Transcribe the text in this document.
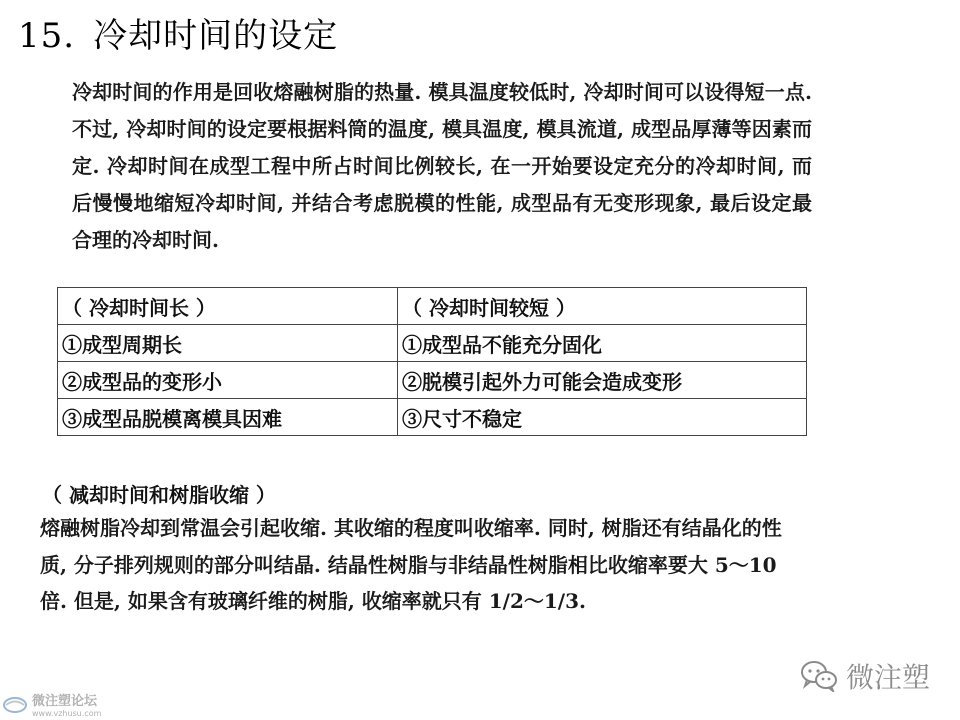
15. 冷却时间的设定
冷却时间的作用是回收熔融树脂的热量. 模具温度较低时, 冷却时间可以设得短一点. 不过, 冷却时间的设定要根据料筒的温度, 模具温度, 模具流道, 成型品厚薄等因素而定. 冷却时间在成型工程中所占时间比例较长, 在一开始要设定充分的冷却时间, 而后慢慢地缩短冷却时间, 并结合考虑脱模的性能, 成型品有无变形现象, 最后设定最合理的冷却时间.
（ 冷却时间长 ）	（ 冷却时间较短 ）
①成型周期长	①成型品不能充分固化
②成型品的变形小	②脱模引起外力可能会造成变形
③成型品脱模离模具因难	③尺寸不稳定
（ 减却时间和树脂收缩 ）
熔融树脂冷却到常温会引起收缩. 其收缩的程度叫收缩率. 同时, 树脂还有结晶化的性质, 分子排列规则的部分叫结晶. 结晶性树脂与非结晶性树脂相比收缩率要大 5～10 倍. 但是, 如果含有玻璃纤维的树脂, 收缩率就只有 1/2～1/3.
微注塑
微注塑论坛
www.vzhusu.com
